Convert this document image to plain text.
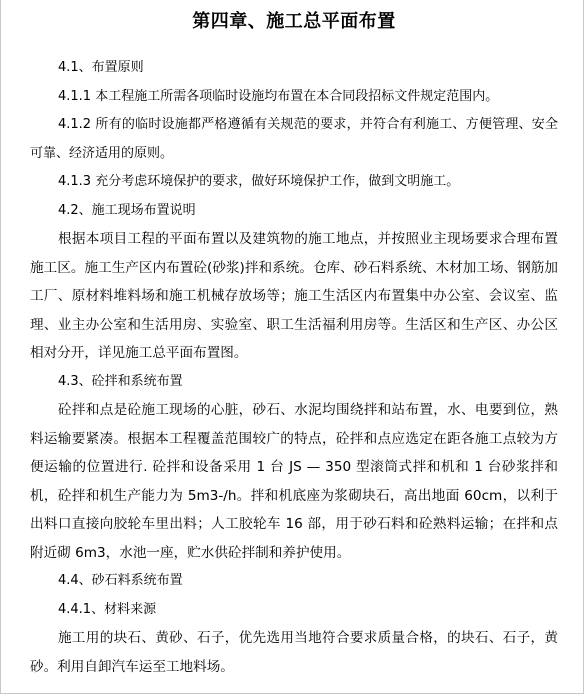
第四章、施工总平面布置

4.1、布置原则

4.1.1 本工程施工所需各项临时设施均布置在本合同段招标文件规定范围内。

4.1.2 所有的临时设施都严格遵循有关规范的要求，并符合有利施工、方便管理、安全可靠、经济适用的原则。

4.1.3 充分考虑环境保护的要求，做好环境保护工作，做到文明施工。

4.2、施工现场布置说明

根据本项目工程的平面布置以及建筑物的施工地点，并按照业主现场要求合理布置施工区。施工生产区内布置砼(砂浆)拌和系统。仓库、砂石料系统、木材加工场、钢筋加工厂、原材料堆料场和施工机械存放场等；施工生活区内布置集中办公室、会议室、监理、业主办公室和生活用房、实验室、职工生活福利用房等。生活区和生产区、办公区相对分开，详见施工总平面布置图。

4.3、砼拌和系统布置

砼拌和点是砼施工现场的心脏，砂石、水泥均围绕拌和站布置，水、电要到位，熟料运输要紧凑。根据本工程覆盖范围较广的特点，砼拌和点应选定在距各施工点较为方便运输的位置进行. 砼拌和设备采用 1 台 JS — 350 型滚筒式拌和机和 1 台砂浆拌和机，砼拌和机生产能力为 5m3-/h。拌和机底座为浆砌块石，高出地面 60cm，以利于出料口直接向胶轮车里出料；人工胶轮车 16 部，用于砂石料和砼熟料运输；在拌和点附近砌 6m3，水池一座，贮水供砼拌制和养护使用。

4.4、砂石料系统布置

4.4.1、材料来源

施工用的块石、黄砂、石子，优先选用当地符合要求质量合格，的块石、石子，黄砂。利用自卸汽车运至工地料场。
